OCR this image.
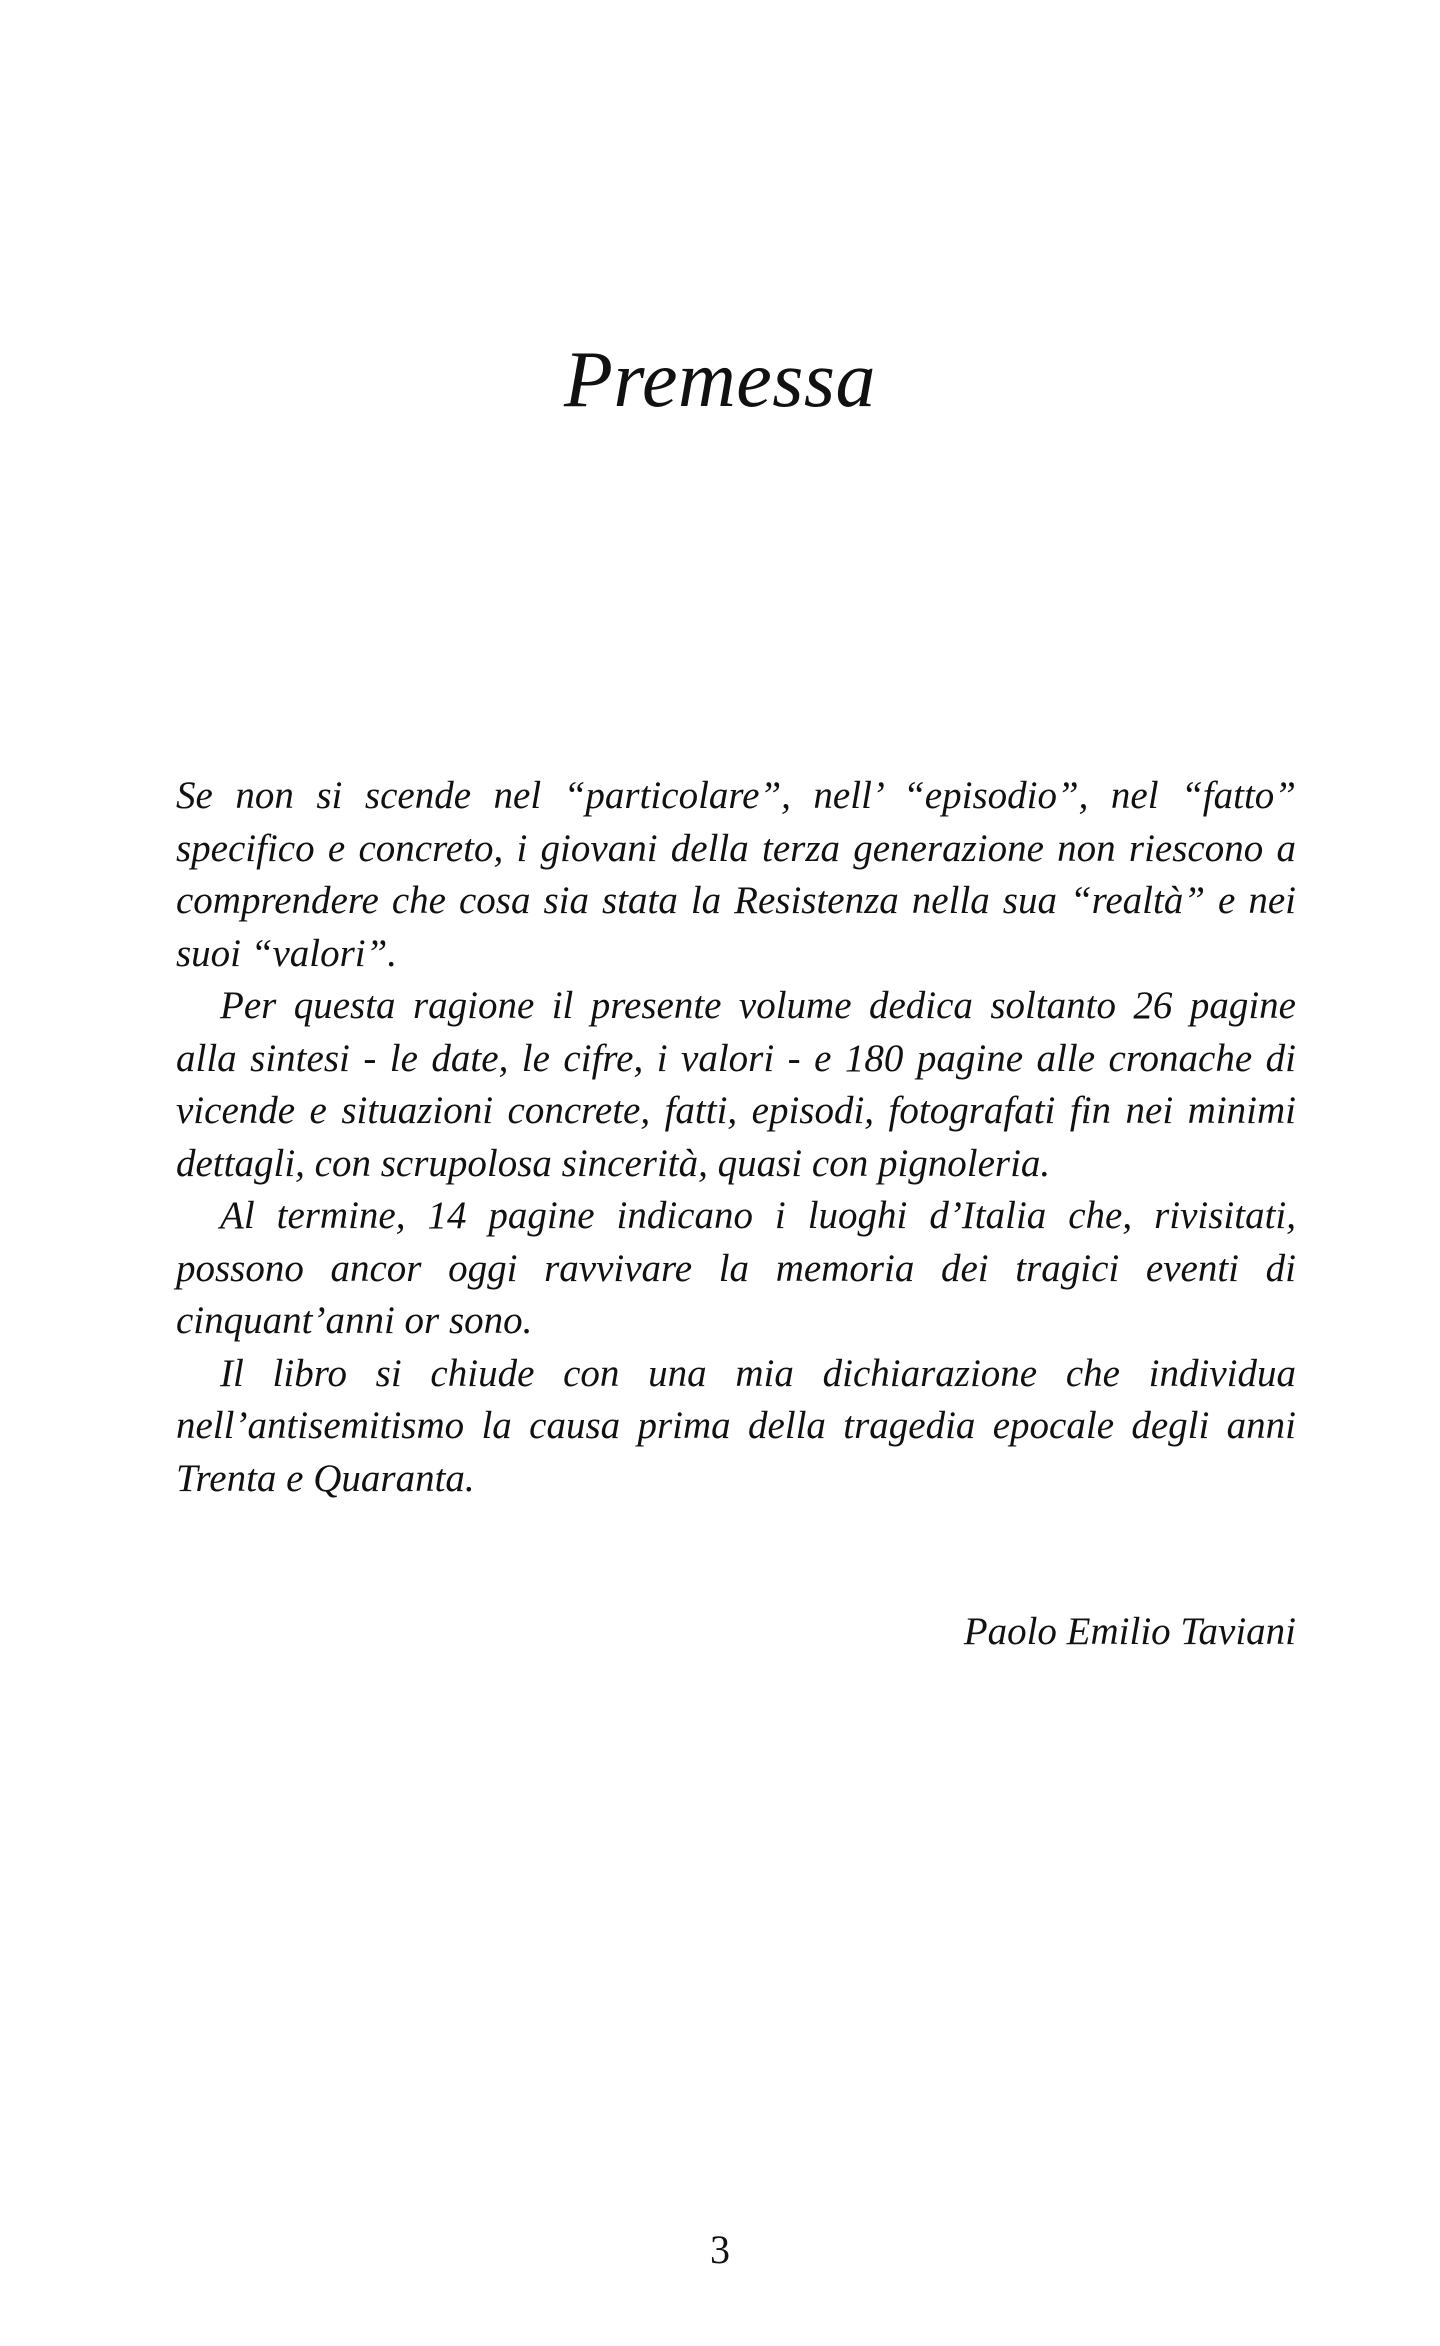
Premessa

Se non si scende nel “particolare”, nell’ “episodio”, nel “fatto” specifico e concreto, i giovani della terza generazione non riescono a comprendere che cosa sia stata la Resistenza nella sua “realtà” e nei suoi “valori”.

Per questa ragione il presente volume dedica soltanto 26 pagine alla sintesi - le date, le cifre, i valori - e 180 pagine alle cronache di vicende e situazioni concrete, fatti, episodi, fotografati fin nei minimi dettagli, con scrupolosa sincerità, quasi con pignoleria.

Al termine, 14 pagine indicano i luoghi d’Italia che, rivisitati, possono ancor oggi ravvivare la memoria dei tragici eventi di cinquant’anni or sono.

Il libro si chiude con una mia dichiarazione che individua nell’antisemitismo la causa prima della tragedia epocale degli anni Trenta e Quaranta.

Paolo Emilio Taviani

3
